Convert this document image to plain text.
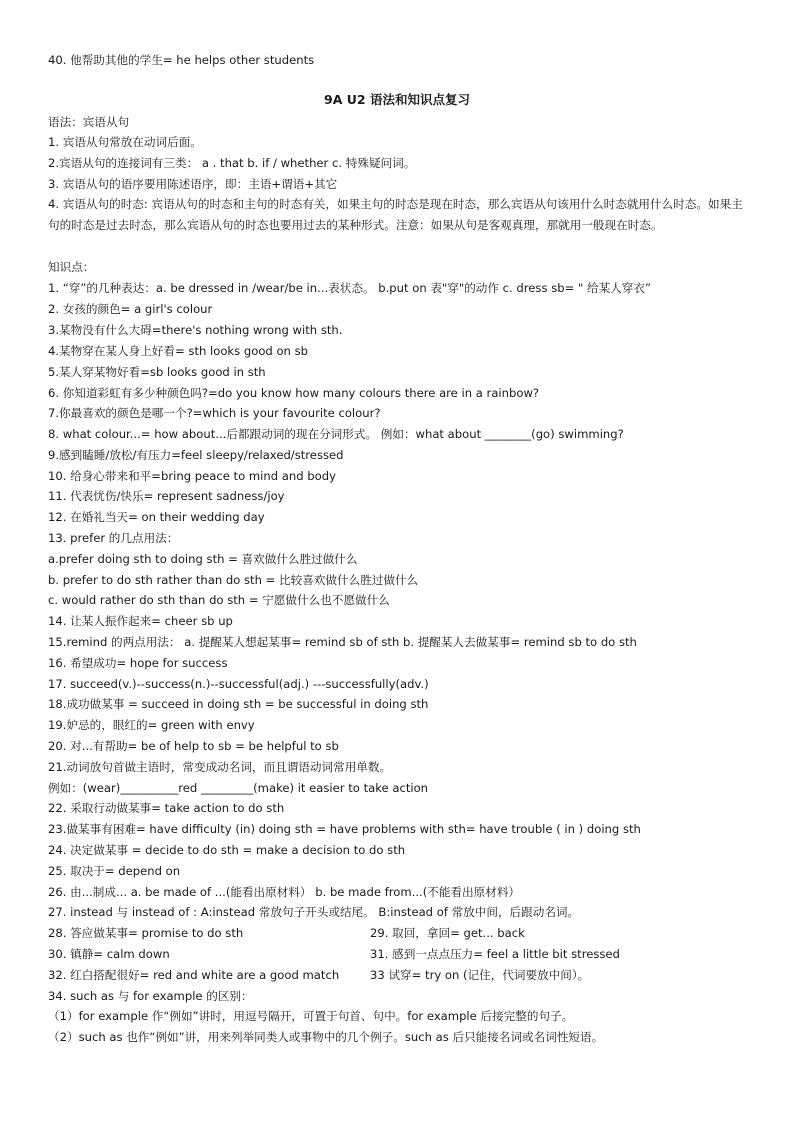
40. 他帮助其他的学生= he helps other students
9A U2 语法和知识点复习
语法：宾语从句
1. 宾语从句常放在动词后面。
2.宾语从句的连接词有三类： a . that b. if / whether c. 特殊疑问词。
3. 宾语从句的语序要用陈述语序，即：主语+谓语+其它
4. 宾语从句的时态: 宾语从句的时态和主句的时态有关，如果主句的时态是现在时态，那么宾语从句该用什么时态就用什么时态。如果主句的时态是过去时态，那么宾语从句的时态也要用过去的某种形式。注意：如果从句是客观真理，那就用一般现在时态。
知识点：
1. “穿”的几种表达：a. be dressed in /wear/be in...表状态。 b.put on 表"穿"的动作 c. dress sb= " 给某人穿衣”
2. 女孩的颜色= a girl's colour
3.某物没有什么大碍=there's nothing wrong with sth.
4.某物穿在某人身上好看= sth looks good on sb
5.某人穿某物好看=sb looks good in sth
6. 你知道彩虹有多少种颜色吗?=do you know how many colours there are in a rainbow?
7.你最喜欢的颜色是哪一个?=which is your favourite colour?
8. what colour...= how about...后都跟动词的现在分词形式。 例如：what about ________(go) swimming?
9.感到瞌睡/放松/有压力=feel sleepy/relaxed/stressed
10. 给身心带来和平=bring peace to mind and body
11. 代表忧伤/快乐= represent sadness/joy
12. 在婚礼当天= on their wedding day
13. prefer 的几点用法：
a.prefer doing sth to doing sth = 喜欢做什么胜过做什么
b. prefer to do sth rather than do sth = 比较喜欢做什么胜过做什么
c. would rather do sth than do sth = 宁愿做什么也不愿做什么
14. 让某人振作起来= cheer sb up
15.remind 的两点用法： a. 提醒某人想起某事= remind sb of sth b. 提醒某人去做某事= remind sb to do sth
16. 希望成功= hope for success
17. succeed(v.)--success(n.)--successful(adj.) ---successfully(adv.)
18.成功做某事 = succeed in doing sth = be successful in doing sth
19.妒忌的，眼红的= green with envy
20. 对...有帮助= be of help to sb = be helpful to sb
21.动词放句首做主语时，常变成动名词，而且谓语动词常用单数。
例如：(wear)__________red _________(make) it easier to take action
22. 采取行动做某事= take action to do sth
23.做某事有困难= have difficulty (in) doing sth = have problems with sth= have trouble ( in ) doing sth
24. 决定做某事 = decide to do sth = make a decision to do sth
25. 取决于= depend on
26. 由...制成... a. be made of ...(能看出原材料） b. be made from...(不能看出原材料）
27. instead 与 instead of : A:instead 常放句子开头或结尾。 B:instead of 常放中间，后跟动名词。
28. 答应做某事= promise to do sth	29. 取回，拿回= get... back
30. 镇静= calm down	31. 感到一点点压力= feel a little bit stressed
32. 红白搭配很好= red and white are a good match	33 试穿= try on (记住，代词要放中间）。
34. such as 与 for example 的区别：
（1）for example 作“例如”讲时，用逗号隔开，可置于句首、句中。for example 后接完整的句子。
（2）such as 也作“例如”讲，用来列举同类人或事物中的几个例子。such as 后只能接名词或名词性短语。
